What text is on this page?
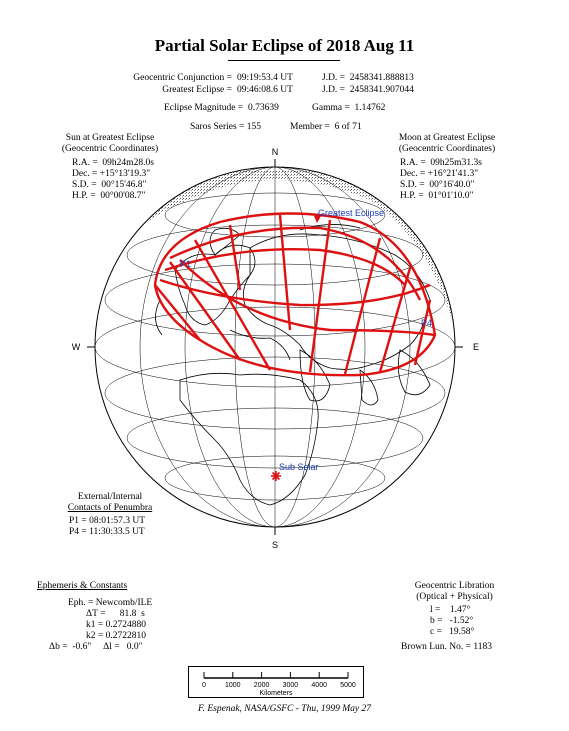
Partial Solar Eclipse of 2018 Aug 11
Geocentric Conjunction = 09:19:53.4 UT	J.D. =  2458341.888813
Greatest Eclipse = 09:46:08.6 UT	J.D. =  2458341.907044
Eclipse Magnitude =  0.73639	Gamma =  1.14762
Saros Series = 155	Member =  6 of 71
Sun at Greatest Eclipse
(Geocentric Coordinates)
R.A. =  09h24m28.0s
Dec. = +15°13'19.3"
S.D. =  00°15'46.8"
H.P. =  00°00'08.7"
Moon at Greatest Eclipse
(Geocentric Coordinates)
R.A. =  09h25m31.3s
Dec. = +16°21'41.3"
S.D. =  00°16'40.0"
H.P. =  01°01'10.0"
N
S
E
W
Greatest Eclipse
P1
P4
Sub Solar
External/Internal
Contacts of Penumbra
P1 = 08:01:57.3 UT
P4 = 11:30:33.5 UT
Ephemeris & Constants
Eph. = Newcomb/ILE
ΔT =      81.8  s
k1 = 0.2724880
k2 = 0.2722810
Δb =  -0.6"     Δl =   0.0"
Geocentric Libration
(Optical + Physical)
l =    1.47°
b =   -1.52°
c =   19.58°
Brown Lun. No. = 1183
0	1000 2000 3000 4000 5000
Kilometers
F. Espenak, NASA/GSFC - Thu, 1999 May 27
